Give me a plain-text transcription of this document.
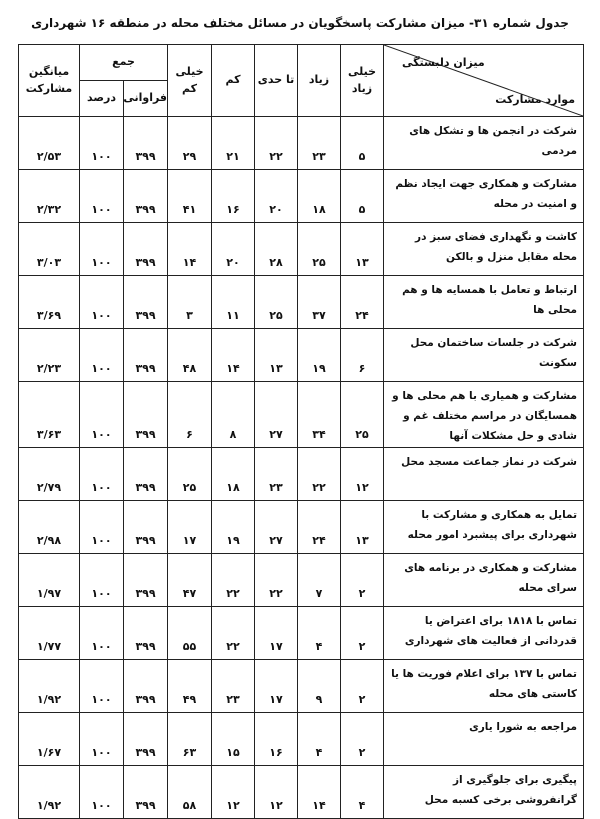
جدول شماره ۳۱- میزان مشارکت پاسخگویان در مسائل مختلف محله در منطقه ۱۶ شهرداری
میزان دلبستگی
موارد مشارکت	خیلی زیاد	زیاد	تا حدی	کم	خیلی کم	جمع		میانگین مشارکت
						فراوانی	درصد	
شرکت در انجمن ها و تشکل های مردمی	۵	۲۳	۲۲	۲۱	۲۹	۳۹۹	۱۰۰	۲/۵۳
مشارکت و همکاری جهت ایجاد نظم و امنیت در محله	۵	۱۸	۲۰	۱۶	۴۱	۳۹۹	۱۰۰	۲/۳۲
کاشت و نگهداری فضای سبز در محله مقابل منزل و بالکن	۱۳	۲۵	۲۸	۲۰	۱۴	۳۹۹	۱۰۰	۳/۰۳
ارتباط و تعامل با همسایه ها و هم محلی ها	۲۴	۳۷	۲۵	۱۱	۳	۳۹۹	۱۰۰	۳/۶۹
شرکت در جلسات ساختمان محل سکونت	۶	۱۹	۱۳	۱۴	۴۸	۳۹۹	۱۰۰	۲/۲۳
مشارکت و همیاری با هم محلی ها و همسایگان در مراسم مختلف غم و شادی و حل مشکلات آنها	۲۵	۳۴	۲۷	۸	۶	۳۹۹	۱۰۰	۳/۶۳
شرکت در نماز جماعت مسجد محل	۱۲	۲۲	۲۳	۱۸	۲۵	۳۹۹	۱۰۰	۲/۷۹
تمایل به همکاری و مشارکت با شهرداری برای پیشبرد امور محله	۱۳	۲۴	۲۷	۱۹	۱۷	۳۹۹	۱۰۰	۲/۹۸
مشارکت و همکاری در برنامه های سرای محله	۲	۷	۲۲	۲۲	۴۷	۳۹۹	۱۰۰	۱/۹۷
تماس با ۱۸۱۸ برای اعتراض یا قدردانی از فعالیت های شهرداری	۲	۴	۱۷	۲۲	۵۵	۳۹۹	۱۰۰	۱/۷۷
تماس با ۱۳۷ برای اعلام فوریت ها یا کاستی های محله	۲	۹	۱۷	۲۳	۴۹	۳۹۹	۱۰۰	۱/۹۲
مراجعه به شورا یاری	۲	۴	۱۶	۱۵	۶۳	۳۹۹	۱۰۰	۱/۶۷
پیگیری برای جلوگیری از گرانفروشی برخی کسبه محل	۴	۱۴	۱۲	۱۲	۵۸	۳۹۹	۱۰۰	۱/۹۲
